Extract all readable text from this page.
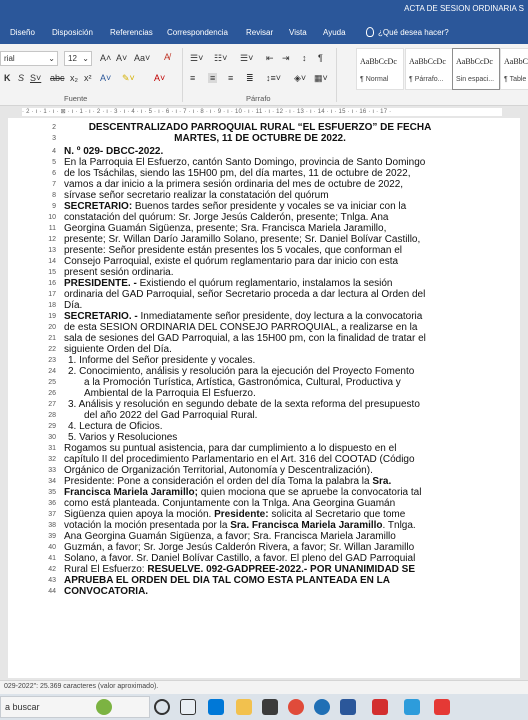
ACTA DE SESION ORDINARIA S
Diseño Disposición Referencias Correspondencia Revisar Vista Ayuda	¿Qué desea hacer?
rial	⌄	12 ⌄ A˄ A˅ Aa˅ A̸
K S S˅ abc x₂ x² A˅ ✎˅ A˅
Fuente
☰˅ ☷˅ ☰˅ ⇤ ⇥ ↕ ¶
≡ ≡ ≡ ≣ ↕≡˅ ◈˅ ▦˅
Párrafo
AaBbCcDc
¶ Normal
AaBbCcDc
¶ Párrafo...
AaBbCcDc
Sin espaci...
AaBbC
¶ Table
· 2 · ı · 1 · ı · ⊠ · ı · 1 · ı · 2 · ı · 3 · ı · 4 · ı · 5 · ı · 6 · ı · 7 · ı · 8 · ı · 9 · ı · 10 · ı · 11 · ı · 12 · ı · 13 · ı · 14 · ı · 15 · ı · 16 · ı · 17 ·
2	DESCENTRALIZADO PARROQUIAL RURAL “EL ESFUERZO” DE FECHA
3	MARTES, 11 DE OCTUBRE DE 2022.
4 N. º 029- DBCC-2022.
5 En la Parroquia El Esfuerzo, cantón Santo Domingo, provincia de Santo Domingo
6 de los Tsáchilas, siendo las 15H00 pm, del día martes, 11 de octubre de 2022,
7 vamos a dar inicio a la primera sesión ordinaria del mes de octubre de 2022,
8 sírvase señor secretario realizar la constatación del quórum
9 SECRETARIO: Buenos tardes señor presidente y vocales se va iniciar con la
10 constatación del quórum: Sr. Jorge Jesús Calderón, presente; Tnlga. Ana
11 Georgina Guamán Sigüenza, presente; Sra. Francisca Mariela Jaramillo,
12 presente; Sr. Willan Darío Jaramillo Solano, presente; Sr. Daniel Bolívar Castillo,
13 presente: Señor presidente están presentes los 5 vocales, que conforman el
14 Consejo Parroquial, existe el quórum reglamentario para dar inicio con esta
15 present sesión ordinaria.
16 PRESIDENTE. - Existiendo el quórum reglamentario, instalamos la sesión
17 ordinaria del GAD Parroquial, señor Secretario proceda a dar lectura al Orden del
18 Día.
19 SECRETARIO. - Inmediatamente señor presidente, doy lectura a la convocatoria
20 de esta SESIÓN ORDINARIA DEL CONSEJO PARROQUIAL, a realizarse en la
21 sala de sesiones del GAD Parroquial, a las 15H00 pm, con la finalidad de tratar el
22 siguiente Orden del Día.
23	1. Informe del Señor presidente y vocales.
24	2. Conocimiento, análisis y resolución para la ejecución del Proyecto Fomento
25	a la Promoción Turística, Artística, Gastronómica, Cultural, Productiva y
26	Ambiental de la Parroquia El Esfuerzo.
27	3. Análisis y resolución en segundo debate de la sexta reforma del presupuesto
28	del año 2022 del Gad Parroquial Rural.
29	4. Lectura de Oficios.
30	5. Varios y Resoluciones
31 Rogamos su puntual asistencia, para dar cumplimiento a lo dispuesto en el
32 capítulo II del procedimiento Parlamentario en el Art. 316 del COOTAD (Código
33 Orgánico de Organización Territorial, Autonomía y Descentralización).
34 Presidente: Pone a consideración el orden del día Toma la palabra la Sra.
35 Francisca Mariela Jaramillo; quien mociona que se apruebe la convocatoria tal
36 como está planteada. Conjuntamente con la Tnlga. Ana Georgina Guamán
37 Sigüenza quien apoya la moción. Presidente: solicita al Secretario que tome
38 votación la moción presentada por la Sra. Francisca Mariela Jaramillo. Tnlga.
39 Ana Georgina Guamán Sigüenza, a favor; Sra. Francisca Mariela Jaramillo
40 Guzmán, a favor; Sr. Jorge Jesús Calderón Rivera, a favor; Sr. Willan Jaramillo
41 Solano, a favor. Sr. Daniel Bolívar Castillo, a favor. El pleno del GAD Parroquial
42 Rural El Esfuerzo: RESUELVE. 092-GADPREE-2022.- POR UNANIMIDAD SE
43 APRUEBA EL ORDEN DEL DÍA TAL COMO ESTA PLANTEADA EN LA
44 CONVOCATORIA.
029-2022": 25.369 caracteres (valor aproximado).
a buscar
